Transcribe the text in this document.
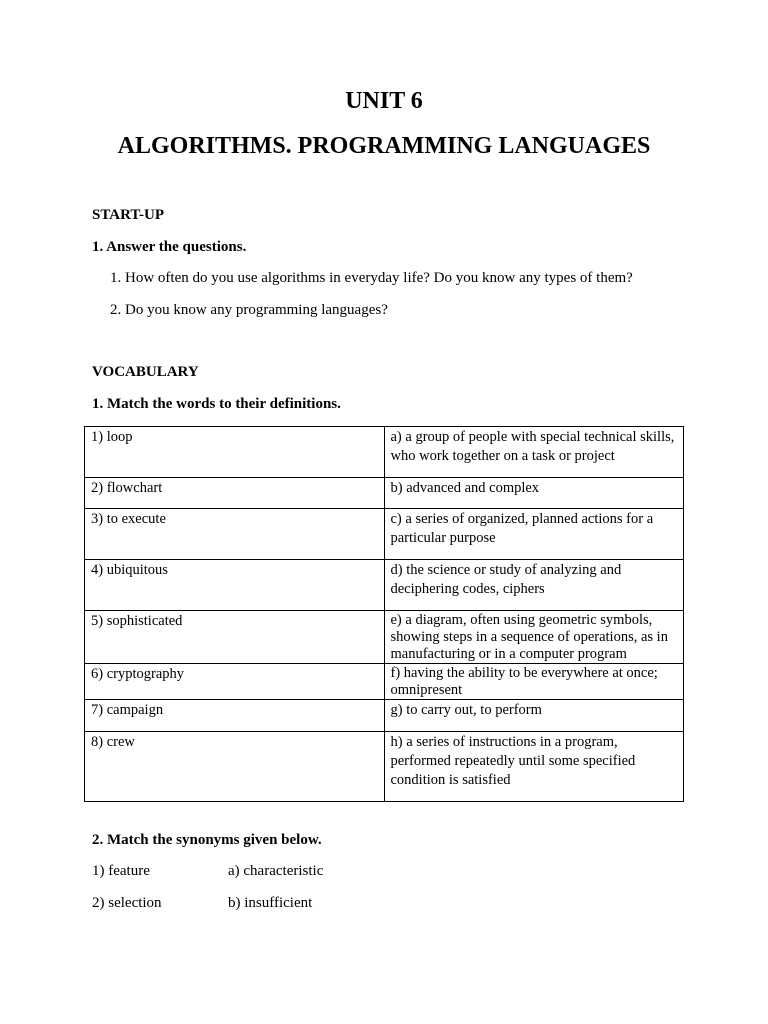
UNIT 6
ALGORITHMS. PROGRAMMING LANGUAGES

START-UP

1. Answer the questions.

1. How often do you use algorithms in everyday life? Do you know any types of them?

2. Do you know any programming languages?

VOCABULARY

1. Match the words to their definitions.

1) loop	a) a group of people with special technical skills, who work together on a task or project
2) flowchart	b) advanced and complex
3) to execute	c) a series of organized, planned actions for a particular purpose
4) ubiquitous	d) the science or study of analyzing and deciphering codes, ciphers
5) sophisticated	e) a diagram, often using geometric symbols, showing steps in a sequence of operations, as in manufacturing or in a computer program
6) cryptography	f) having the ability to be everywhere at once; omnipresent
7) campaign	g) to carry out, to perform
8) crew	h) a series of instructions in a program, performed repeatedly until some specified condition is satisfied

2. Match the synonyms given below.

1) feature	a) characteristic
2) selection	b) insufficient
